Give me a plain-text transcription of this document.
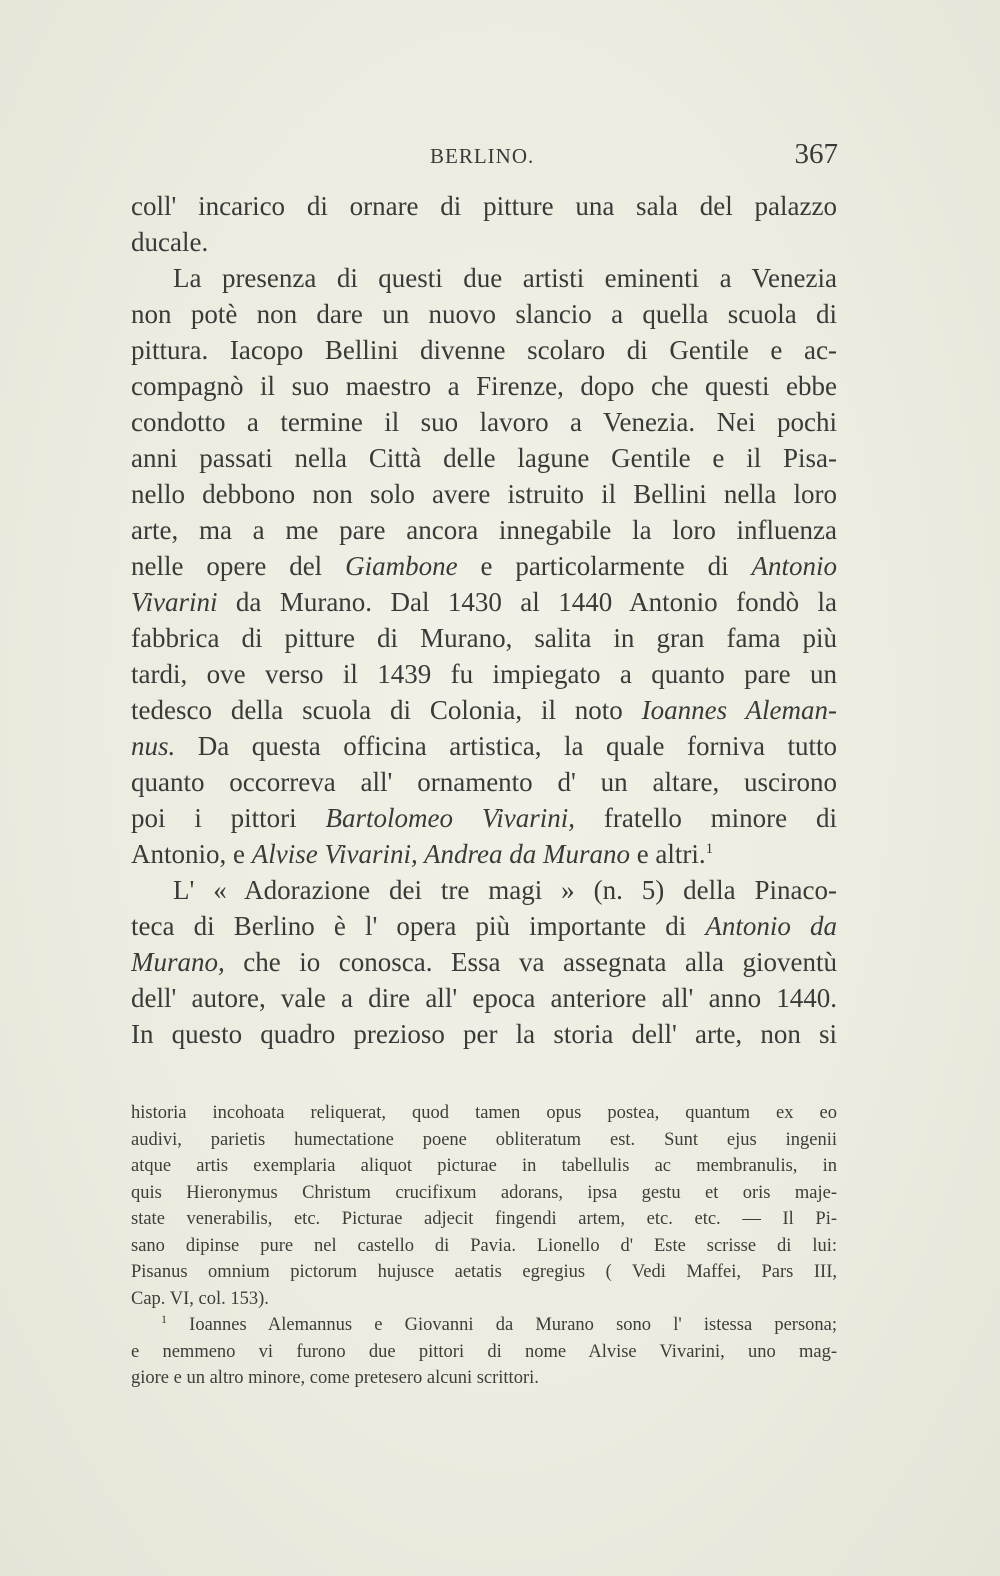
BERLINO.	367
coll' incarico di ornare di pitture una sala del palazzo
ducale.
La presenza di questi due artisti eminenti a Venezia
non potè non dare un nuovo slancio a quella scuola di
pittura. Iacopo Bellini divenne scolaro di Gentile e ac-
compagnò il suo maestro a Firenze, dopo che questi ebbe
condotto a termine il suo lavoro a Venezia. Nei pochi
anni passati nella Città delle lagune Gentile e il Pisa-
nello debbono non solo avere istruito il Bellini nella loro
arte, ma a me pare ancora innegabile la loro influenza
nelle opere del Giambone e particolarmente di Antonio
Vivarini da Murano. Dal 1430 al 1440 Antonio fondò la
fabbrica di pitture di Murano, salita in gran fama più
tardi, ove verso il 1439 fu impiegato a quanto pare un
tedesco della scuola di Colonia, il noto Ioannes Aleman-
nus. Da questa officina artistica, la quale forniva tutto
quanto occorreva all' ornamento d' un altare, uscirono
poi i pittori Bartolomeo Vivarini, fratello minore di
Antonio, e Alvise Vivarini, Andrea da Murano e altri.$^1$
L' « Adorazione dei tre magi » (n. 5) della Pinaco-
teca di Berlino è l' opera più importante di Antonio da
Murano, che io conosca. Essa va assegnata alla gioventù
dell' autore, vale a dire all' epoca anteriore all' anno 1440.
In questo quadro prezioso per la storia dell' arte, non si
historia incohoata reliquerat, quod tamen opus postea, quantum ex eo
audivi, parietis humectatione poene obliteratum est. Sunt ejus ingenii
atque artis exemplaria aliquot picturae in tabellulis ac membranulis, in
quis Hieronymus Christum crucifixum adorans, ipsa gestu et oris maje-
state venerabilis, etc. Picturae adjecit fingendi artem, etc. etc. — Il Pi-
sano dipinse pure nel castello di Pavia. Lionello d' Este scrisse di lui:
Pisanus omnium pictorum hujusce aetatis egregius ( Vedi Maffei, Pars III,
Cap. VI, col. 153).
$^1$ Ioannes Alemannus e Giovanni da Murano sono l' istessa persona;
e nemmeno vi furono due pittori di nome Alvise Vivarini, uno mag-
giore e un altro minore, come pretesero alcuni scrittori.
